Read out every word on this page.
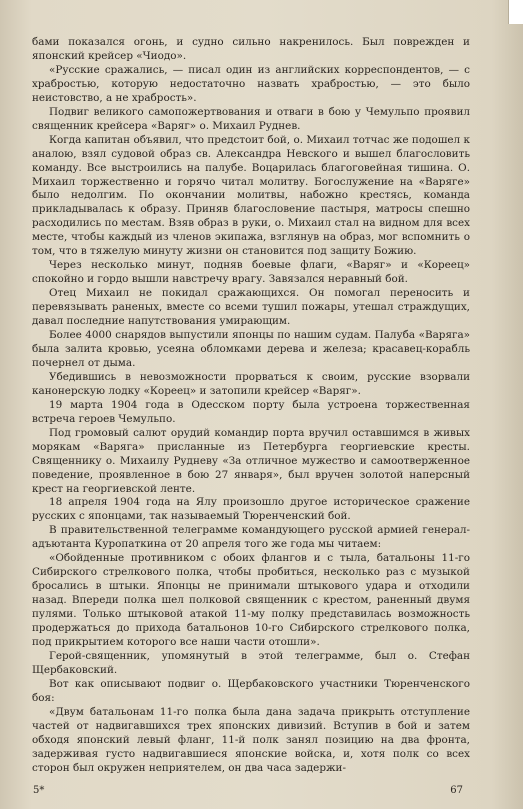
бами показался огонь, и судно сильно накренилось. Был поврежден и японский крейсер «Чиодо».

«Русские сражались, — писал один из английских корреспондентов, — с храбростью, которую недостаточно назвать храбростью, — это было неистовство, а не храбрость».

Подвиг великого самопожертвования и отваги в бою у Чемульпо проявил священник крейсера «Варяг» о. Михаил Руднев.

Когда капитан объявил, что предстоит бой, о. Михаил тотчас же подошел к аналою, взял судовой образ св. Александра Невского и вышел благословить команду. Все выстроились на палубе. Воцарилась благоговейная тишина. О. Михаил торжественно и горячо читал молитву. Богослужение на «Варяге» было недолгим. По окончании молитвы, набожно крестясь, команда прикладывалась к образу. Приняв благословение пастыря, матросы спешно расходились по местам. Взяв образ в руки, о. Михаил стал на видном для всех месте, чтобы каждый из членов экипажа, взглянув на образ, мог вспомнить о том, что в тяжелую минуту жизни он становится под защиту Божию.

Через несколько минут, подняв боевые флаги, «Варяг» и «Кореец» спокойно и гордо вышли навстречу врагу. Завязался неравный бой.

Отец Михаил не покидал сражающихся. Он помогал переносить и перевязывать раненых, вместе со всеми тушил пожары, утешал страждущих, давал последние напутствования умирающим.

Более 4000 снарядов выпустили японцы по нашим судам. Палуба «Варяга» была залита кровью, усеяна обломками дерева и железа; красавец-корабль почернел от дыма.

Убедившись в невозможности прорваться к своим, русские взорвали канонерскую лодку «Кореец» и затопили крейсер «Варяг».

19 марта 1904 года в Одесском порту была устроена торжественная встреча героев Чемульпо.

Под громовый салют орудий командир порта вручил оставшимся в живых морякам «Варяга» присланные из Петербурга георгиевские кресты. Священнику о. Михаилу Рудневу «За отличное мужество и самоотверженное поведение, проявленное в бою 27 января», был вручен золотой наперсный крест на георгиевской ленте.

18 апреля 1904 года на Ялу произошло другое историческое сражение русских с японцами, так называемый Тюренченский бой.

В правительственной телеграмме командующего русской армией генерал-адъютанта Куропаткина от 20 апреля того же года мы читаем:

«Обойденные противником с обоих флангов и с тыла, батальоны 11-го Сибирского стрелкового полка, чтобы пробиться, несколько раз с музыкой бросались в штыки. Японцы не принимали штыкового удара и отходили назад. Впереди полка шел полковой священник с крестом, раненный двумя пулями. Только штыковой атакой 11-му полку представилась возможность продержаться до прихода батальонов 10-го Сибирского стрелкового полка, под прикрытием которого все наши части отошли».

Герой-священник, упомянутый в этой телеграмме, был о. Стефан Щербаковский.

Вот как описывают подвиг о. Щербаковского участники Тюренченского боя:

«Двум батальонам 11-го полка была дана задача прикрыть отступление частей от надвигавшихся трех японских дивизий. Вступив в бой и затем обходя японский левый фланг, 11-й полк занял позицию на два фронта, задерживая густо надвигавшиеся японские войска, и, хотя полк со всех сторон был окружен неприятелем, он два часа задержи-

5*	67
